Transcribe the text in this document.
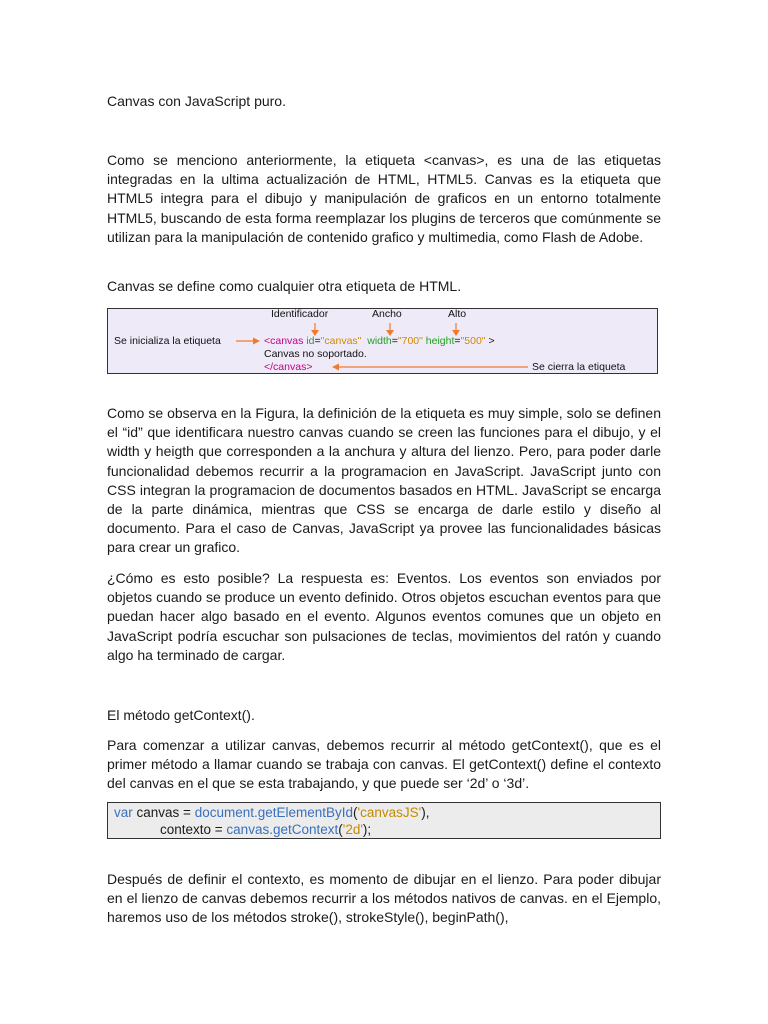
Canvas con JavaScript puro.

Como se menciono anteriormente, la etiqueta <canvas>, es una de las etiquetas integradas en la ultima actualización de HTML, HTML5. Canvas es la etiqueta que HTML5 integra para el dibujo y manipulación de graficos en un entorno totalmente HTML5, buscando de esta forma reemplazar los plugins de terceros que comúnmente se utilizan para la manipulación de contenido grafico y multimedia, como Flash de Adobe.

Canvas se define como cualquier otra etiqueta de HTML.

Identificador	Ancho	Alto
Se inicializa la etiqueta	<canvas id="canvas" width="700" height="500" >
Canvas no soportado.
</canvas>	Se cierra la etiqueta

Como se observa en la Figura, la definición de la etiqueta es muy simple, solo se definen el “id” que identificara nuestro canvas cuando se creen las funciones para el dibujo, y el width y heigth que corresponden a la anchura y altura del lienzo. Pero, para poder darle funcionalidad debemos recurrir a la programacion en JavaScript. JavaScript junto con CSS integran la programacion de documentos basados en HTML. JavaScript se encarga de la parte dinámica, mientras que CSS se encarga de darle estilo y diseño al documento. Para el caso de Canvas, JavaScript ya provee las funcionalidades básicas para crear un grafico.

¿Cómo es esto posible? La respuesta es: Eventos. Los eventos son enviados por objetos cuando se produce un evento definido. Otros objetos escuchan eventos para que puedan hacer algo basado en el evento. Algunos eventos comunes que un objeto en JavaScript podría escuchar son pulsaciones de teclas, movimientos del ratón y cuando algo ha terminado de cargar.

El método getContext().

Para comenzar a utilizar canvas, debemos recurrir al método getContext(), que es el primer método a llamar cuando se trabaja con canvas. El getContext() define el contexto del canvas en el que se esta trabajando, y que puede ser ‘2d’ o ‘3d’.

var canvas = document.getElementById('canvasJS'),
contexto = canvas.getContext('2d');

Después de definir el contexto, es momento de dibujar en el lienzo. Para poder dibujar en el lienzo de canvas debemos recurrir a los métodos nativos de canvas. en el Ejemplo, haremos uso de los métodos stroke(), strokeStyle(), beginPath(),
